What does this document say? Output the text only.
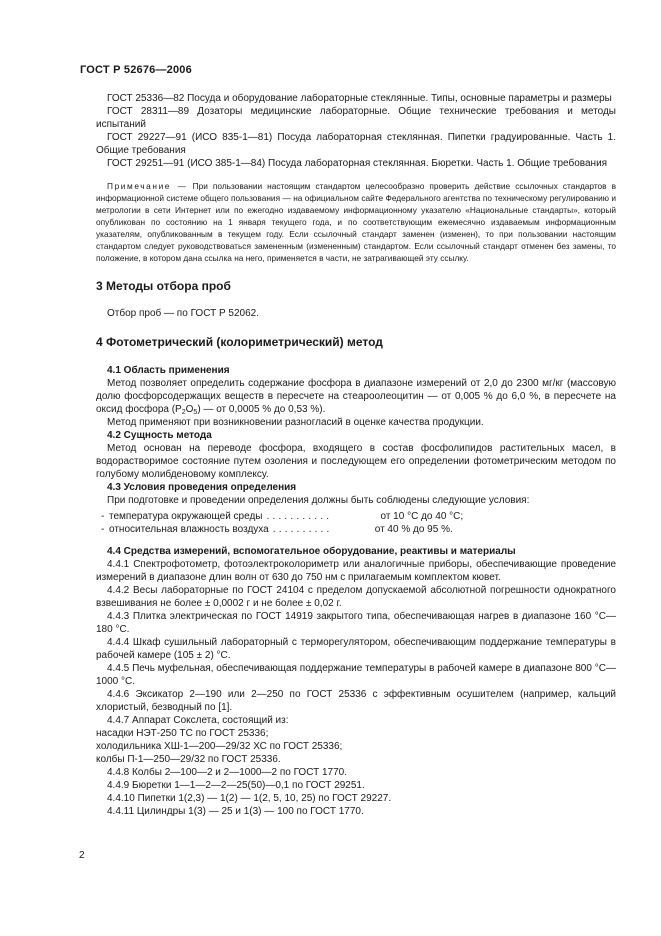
ГОСТ Р 52676—2006

ГОСТ 25336—82 Посуда и оборудование лабораторные стеклянные. Типы, основные параметры и размеры

ГОСТ 28311—89 Дозаторы медицинские лабораторные. Общие технические требования и методы испытаний

ГОСТ 29227—91 (ИСО 835-1—81) Посуда лабораторная стеклянная. Пипетки градуированные. Часть 1. Общие требования

ГОСТ 29251—91 (ИСО 385-1—84) Посуда лабораторная стеклянная. Бюретки. Часть 1. Общие требования

Примечание — При пользовании настоящим стандартом целесообразно проверить действие ссылочных стандартов в информационной системе общего пользования — на официальном сайте Федерального агентства по техническому регулированию и метрологии в сети Интернет или по ежегодно издаваемому информационному указателю «Национальные стандарты», который опубликован по состоянию на 1 января текущего года, и по соответствующим ежемесячно издаваемым информационным указателям, опубликованным в текущем году. Если ссылочный стандарт заменен (изменен), то при пользовании настоящим стандартом следует руководствоваться замененным (измененным) стандартом. Если ссылочный стандарт отменен без замены, то положение, в котором дана ссылка на него, применяется в части, не затрагивающей эту ссылку.

3 Методы отбора проб

Отбор проб — по ГОСТ Р 52062.

4 Фотометрический (колориметрический) метод
4.1 Область применения

Метод позволяет определить содержание фосфора в диапазоне измерений от 2,0 до 2300 мг/кг (массовую долю фосфорсодержащих веществ в пересчете на стеароолеоцитин — от 0,005 % до 6,0 %, в пересчете на оксид фосфора $(P_2O_5)$ — от 0,0005 % до 0,53 %).

Метод применяют при возникновении разногласий в оценке качества продукции.

4.2 Сущность метода

Метод основан на переводе фосфора, входящего в состав фосфолипидов растительных масел, в водорастворимое состояние путем озоления и последующем его определении фотометрическим методом по голубому молибденовому комплексу.

4.3 Условия проведения определения

При подготовке и проведении определения должны быть соблюдены следующие условия:

- температура окружающей среды ...........	от 10 °С до 40 °С;
- относительная влажность воздуха ..........	от 40 % до 95 %.
4.4 Средства измерений, вспомогательное оборудование, реактивы и материалы

4.4.1 Спектрофотометр, фотоэлектроколориметр или аналогичные приборы, обеспечивающие проведение измерений в диапазоне длин волн от 630 до 750 нм с прилагаемым комплектом кювет.

4.4.2 Весы лабораторные по ГОСТ 24104 с пределом допускаемой абсолютной погрешности однократного взвешивания не более ± 0,0002 г и не более ± 0,02 г.

4.4.3 Плитка электрическая по ГОСТ 14919 закрытого типа, обеспечивающая нагрев в диапазоне 160 °С—180 °С.

4.4.4 Шкаф сушильный лабораторный с терморегулятором, обеспечивающим поддержание температуры в рабочей камере (105 ± 2) °С.

4.4.5 Печь муфельная, обеспечивающая поддержание температуры в рабочей камере в диапазоне 800 °С—1000 °С.

4.4.6 Эксикатор 2—190 или 2—250 по ГОСТ 25336 с эффективным осушителем (например, кальций хлористый, безводный по [1].

4.4.7 Аппарат Сокслета, состоящий из:

насадки НЭТ-250 ТС по ГОСТ 25336;

холодильника ХШ-1—200—29/32 ХС по ГОСТ 25336;

колбы П-1—250—29/32 по ГОСТ 25336.

4.4.8 Колбы 2—100—2 и 2—1000—2 по ГОСТ 1770.

4.4.9 Бюретки 1—1—2—2—25(50)—0,1 по ГОСТ 29251.

4.4.10 Пипетки 1(2,3) — 1(2) — 1(2, 5, 10, 25) по ГОСТ 29227.

4.4.11 Цилиндры 1(3) — 25 и 1(3) — 100 по ГОСТ 1770.

2
